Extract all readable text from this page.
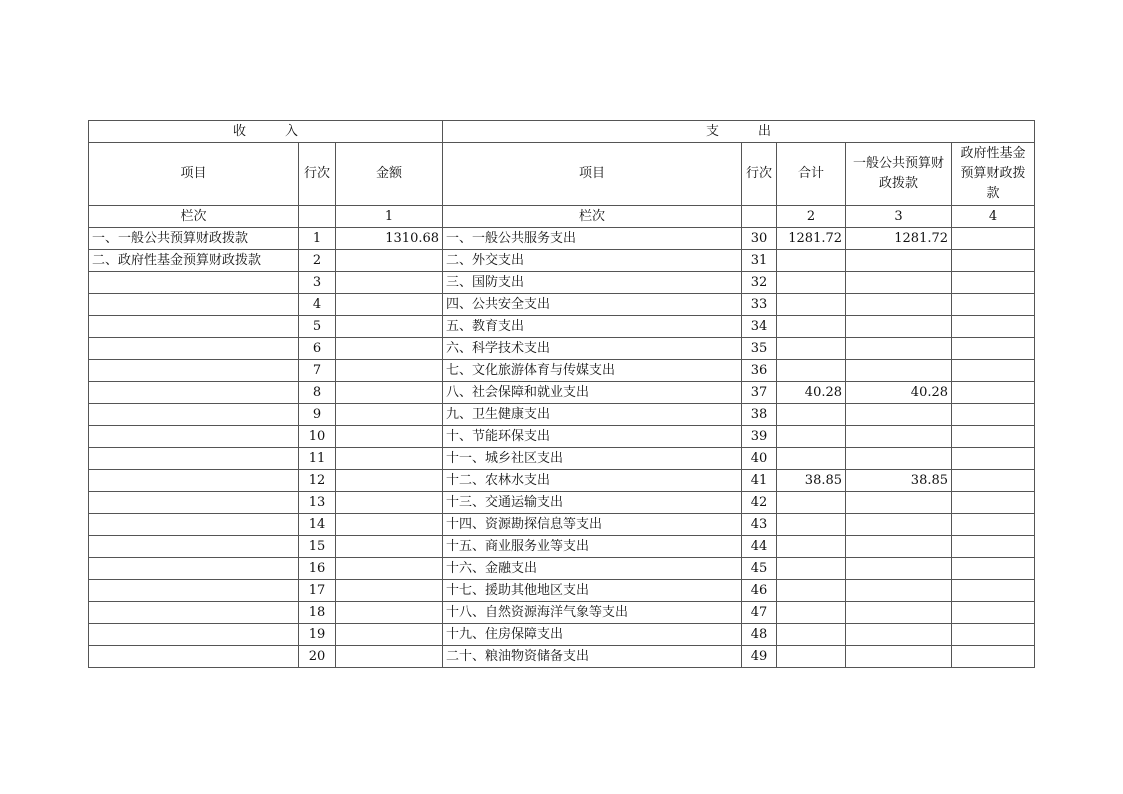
收　　　入			支　　　出				
项目	行次	金额	项目	行次	合计	一般公共预算财政拨款	政府性基金预算财政拨款
栏次		1	栏次		2	3	4
一、一般公共预算财政拨款	1	1310.68	一、一般公共服务支出	30	1281.72	1281.72	
二、政府性基金预算财政拨款	2		二、外交支出	31			
	3		三、国防支出	32			
	4		四、公共安全支出	33			
	5		五、教育支出	34			
	6		六、科学技术支出	35			
	7		七、文化旅游体育与传媒支出	36			
	8		八、社会保障和就业支出	37	40.28	40.28	
	9		九、卫生健康支出	38			
	10		十、节能环保支出	39			
	11		十一、城乡社区支出	40			
	12		十二、农林水支出	41	38.85	38.85	
	13		十三、交通运输支出	42			
	14		十四、资源勘探信息等支出	43			
	15		十五、商业服务业等支出	44			
	16		十六、金融支出	45			
	17		十七、援助其他地区支出	46			
	18		十八、自然资源海洋气象等支出	47			
	19		十九、住房保障支出	48			
	20		二十、粮油物资储备支出	49			
